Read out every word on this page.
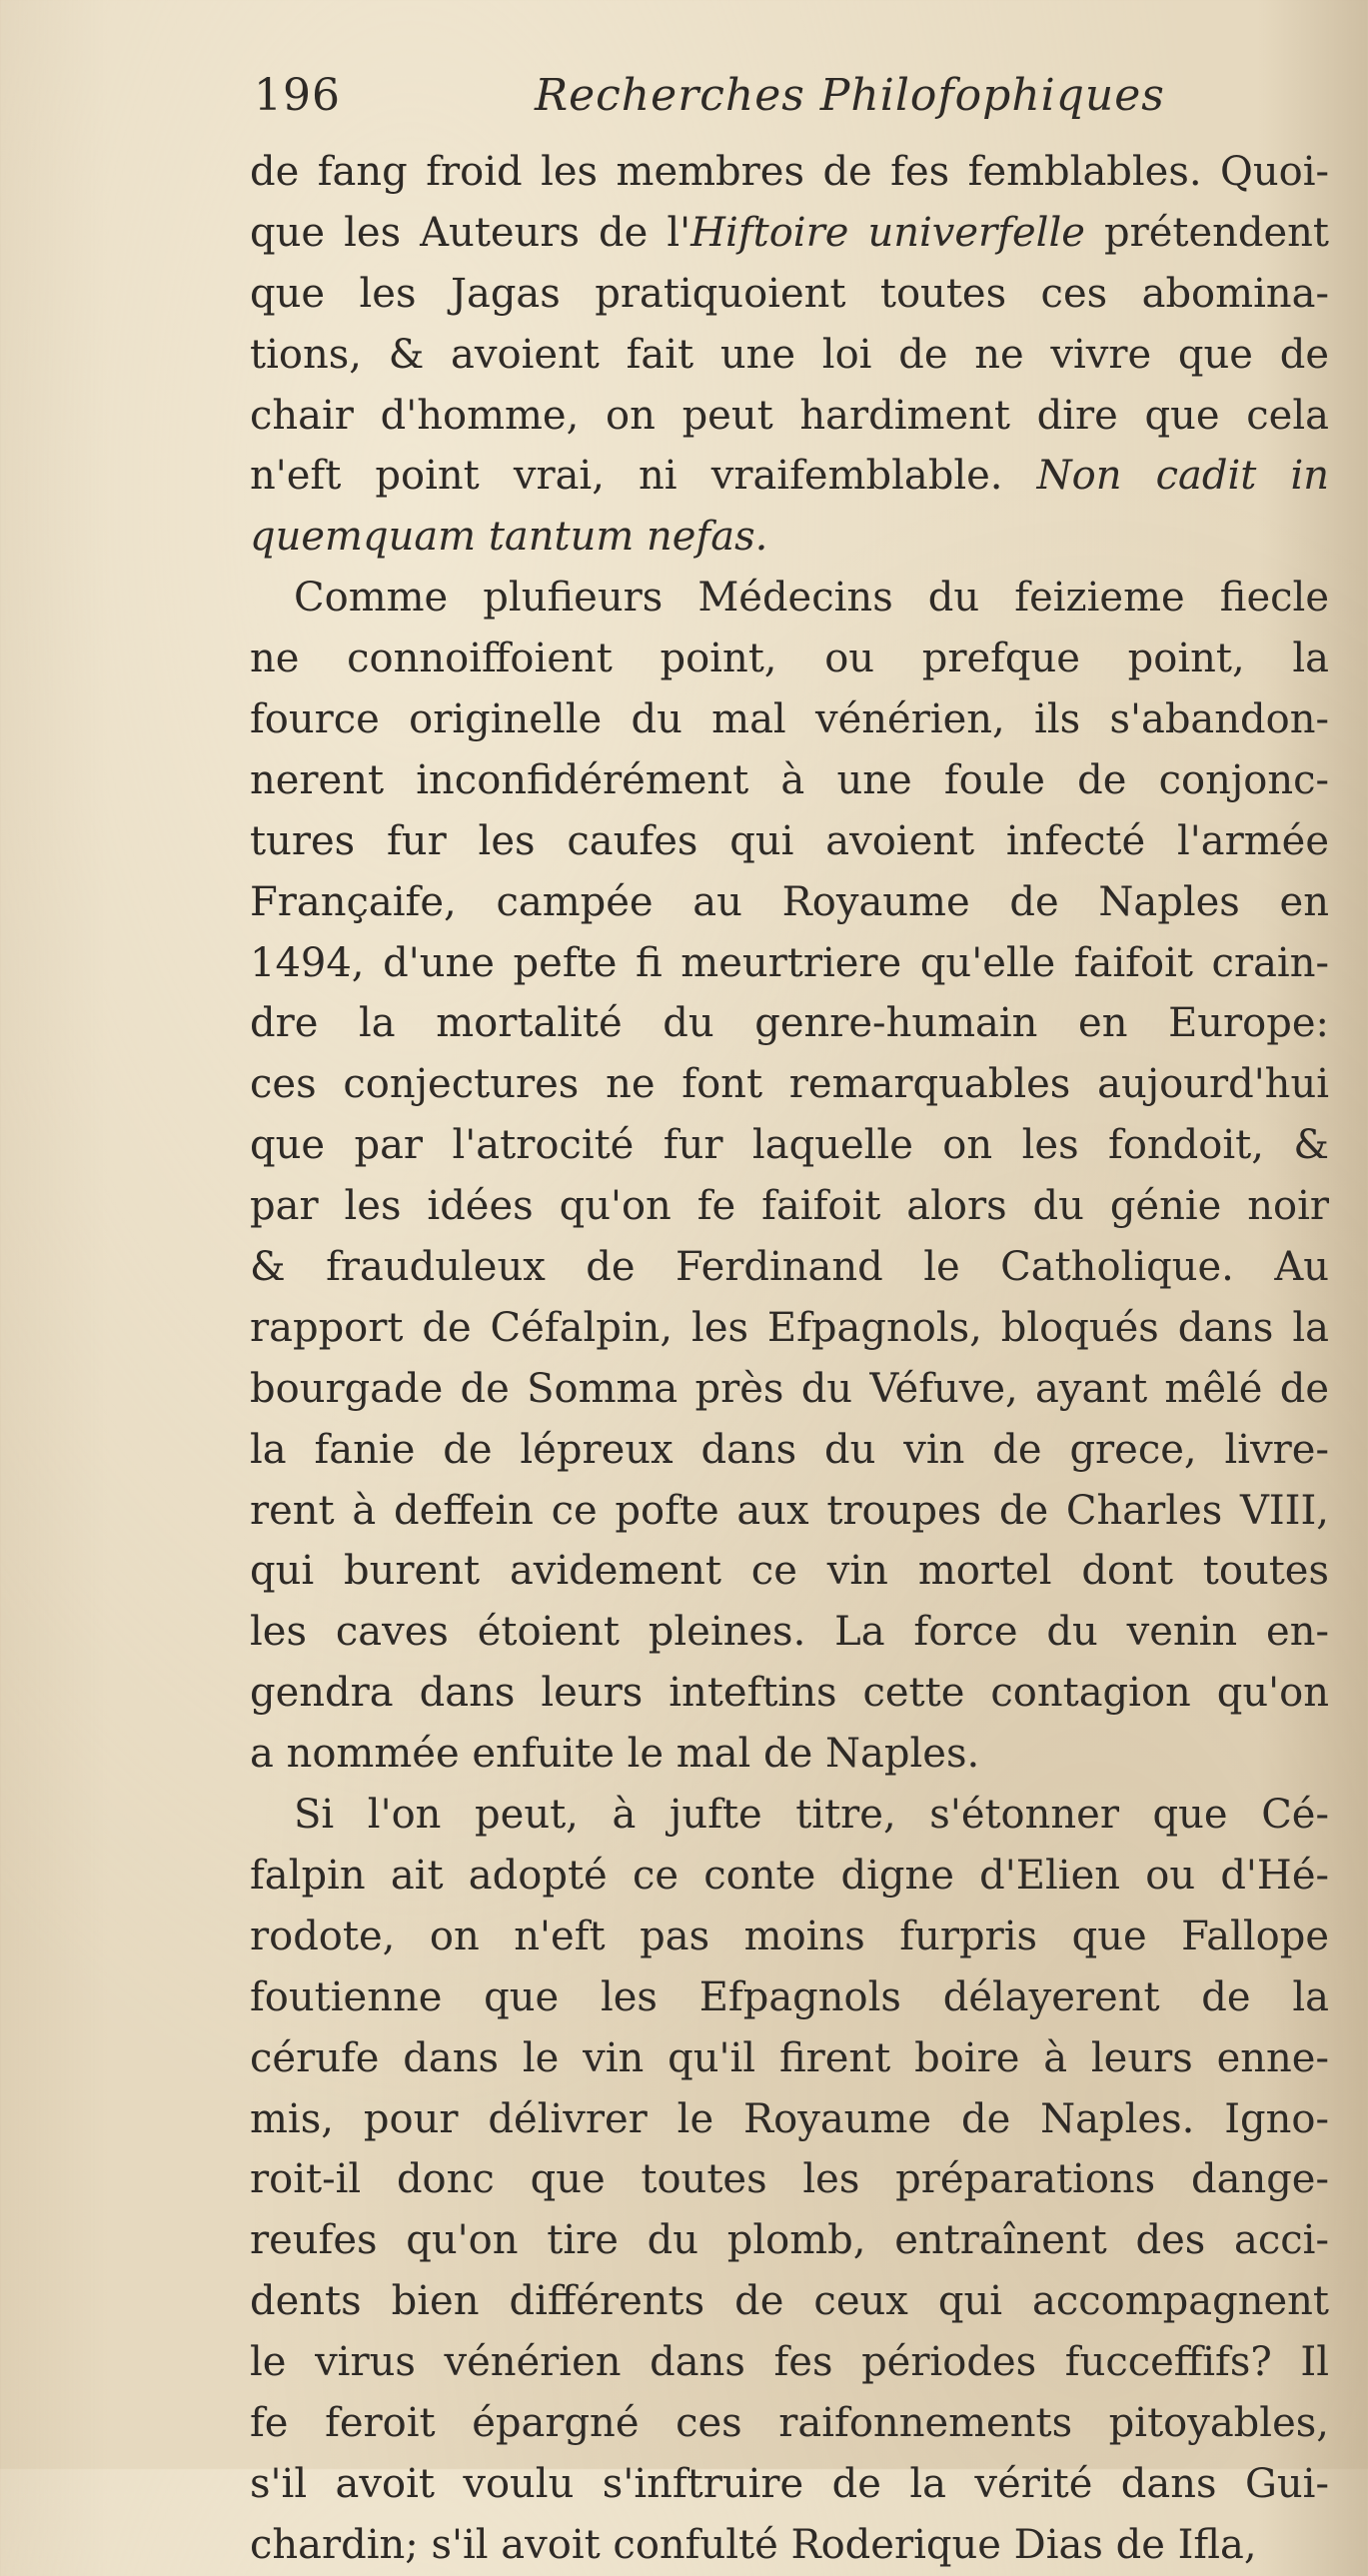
196	Recherches Philofophiques
de fang froid les membres de fes femblables. Quoi-
que les Auteurs de l'Hiftoire univerfelle prétendent
que les Jagas pratiquoient toutes ces abomina-
tions, & avoient fait une loi de ne vivre que de
chair d'homme, on peut hardiment dire que cela
n'eft point vrai, ni vraifemblable. Non cadit in
quemquam tantum nefas.
Comme plufieurs Médecins du feizieme fiecle
ne connoiffoient point, ou prefque point, la
fource originelle du mal vénérien, ils s'abandon-
nerent inconfidérément à une foule de conjonc-
tures fur les caufes qui avoient infecté l'armée
Françaife, campée au Royaume de Naples en
1494, d'une pefte fi meurtriere qu'elle faifoit crain-
dre la mortalité du genre-humain en Europe:
ces conjectures ne font remarquables aujourd'hui
que par l'atrocité fur laquelle on les fondoit, &
par les idées qu'on fe faifoit alors du génie noir
& frauduleux de Ferdinand le Catholique. Au
rapport de Céfalpin, les Efpagnols, bloqués dans la
bourgade de Somma près du Véfuve, ayant mêlé de
la fanie de lépreux dans du vin de grece, livre-
rent à deffein ce pofte aux troupes de Charles VIII,
qui burent avidement ce vin mortel dont toutes
les caves étoient pleines. La force du venin en-
gendra dans leurs inteftins cette contagion qu'on
a nommée enfuite le mal de Naples.
Si l'on peut, à jufte titre, s'étonner que Cé-
falpin ait adopté ce conte digne d'Elien ou d'Hé-
rodote, on n'eft pas moins furpris que Fallope
foutienne que les Efpagnols délayerent de la
cérufe dans le vin qu'il firent boire à leurs enne-
mis, pour délivrer le Royaume de Naples. Igno-
roit-il donc que toutes les préparations dange-
reufes qu'on tire du plomb, entraînent des acci-
dents bien différents de ceux qui accompagnent
le virus vénérien dans fes périodes fucceffifs? Il
fe feroit épargné ces raifonnements pitoyables,
s'il avoit voulu s'inftruire de la vérité dans Gui-
chardin; s'il avoit confulté Roderique Dias de Ifla,
